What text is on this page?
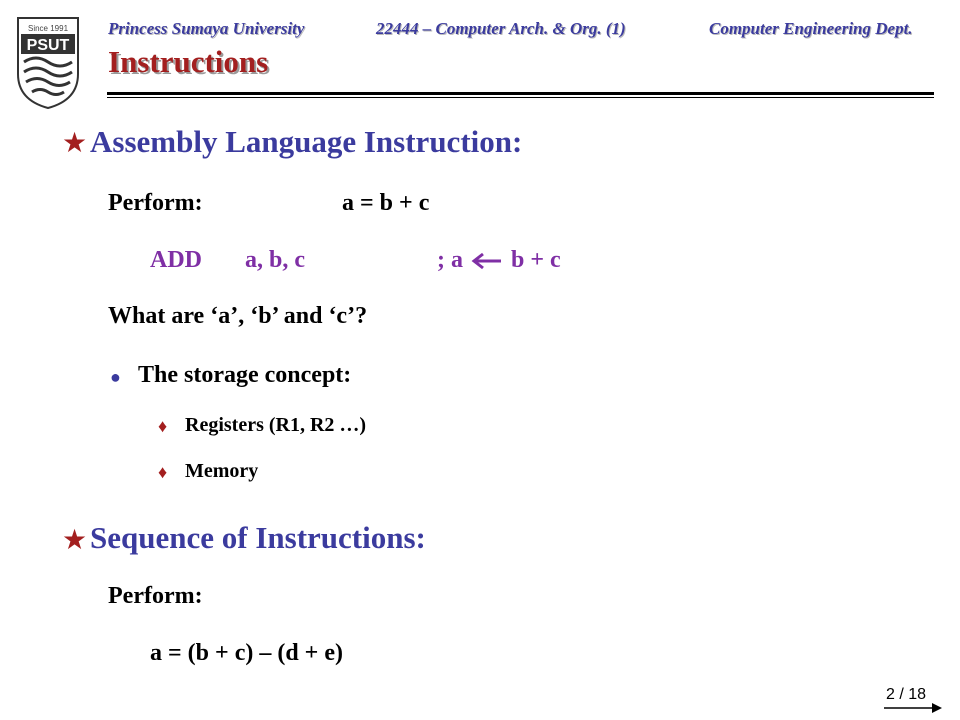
Since 1991
PSUT
Princess Sumaya University	22444 – Computer Arch. & Org. (1)	Computer Engineering Dept.
Instructions
★ Assembly Language Instruction:
Perform:	a = b + c
ADD a, b, c	; a b + c
What are ‘a’, ‘b’ and ‘c’?
● The storage concept:
♦ Registers (R1, R2 …)
♦ Memory
★ Sequence of Instructions:
Perform:
a = (b + c) – (d + e)
2 / 18
